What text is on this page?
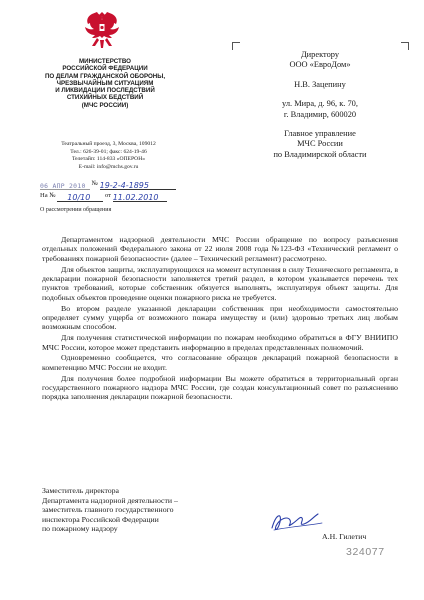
МИНИСТЕРСТВО
РОССИЙСКОЙ ФЕДЕРАЦИИ
ПО ДЕЛАМ ГРАЖДАНСКОЙ ОБОРОНЫ,
ЧРЕЗВЫЧАЙНЫМ СИТУАЦИЯМ
И ЛИКВИДАЦИИ ПОСЛЕДСТВИЙ
СТИХИЙНЫХ БЕДСТВИЙ
(МЧС РОССИИ)
Театральный проезд, 3, Москва, 109012
Тел.: 626-39-01; факс: 624-19-46
Телетайп: 114-833 «ОПЕРОН»
E-mail: info@mchs.gov.ru
06 АПР 2010 № 19-2-4-1895
На № 10/10 от 11.02.2010
О рассмотрении обращения
Директору
ООО «ЕвроДом»
Н.В. Зацепину
ул. Мира, д. 96, к. 70,
г. Владимир, 600020
Главное управление
МЧС России
по Владимирской области

Департаментом надзорной деятельности МЧС России обращение по вопросу разъяснения отдельных положений Федерального закона от 22 июля 2008 года №123-ФЗ «Технический регламент о требованиях пожарной безопасности» (далее – Технический регламент) рассмотрено.

Для объектов защиты, эксплуатирующихся на момент вступления в силу Технического регламента, в декларации пожарной безопасности заполняется третий раздел, в котором указывается перечень тех пунктов требований, которые собственник обязуется выполнять, эксплуатируя объект защиты. Для подобных объектов проведение оценки пожарного риска не требуется.

Во втором разделе указанной декларации собственник при необходимости самостоятельно определяет сумму ущерба от возможного пожара имуществу и (или) здоровью третьих лиц любым возможным способом.

Для получения статистической информации по пожарам необходимо обратиться в ФГУ ВНИИПО МЧС России, которое может представить информацию в пределах представленных полномочий.

Одновременно сообщается, что согласование образцов деклараций пожарной безопасности в компетенцию МЧС России не входит.

Для получения более подробной информации Вы можете обратиться в территориальный орган государственного пожарного надзора МЧС России, где создан консультационный совет по разъяснению порядка заполнения декларации пожарной безопасности.

Заместитель директора
Департамента надзорной деятельности –
заместитель главного государственного
инспектора Российской Федерации
по пожарному надзору
А.Н. Гилетич
324077
